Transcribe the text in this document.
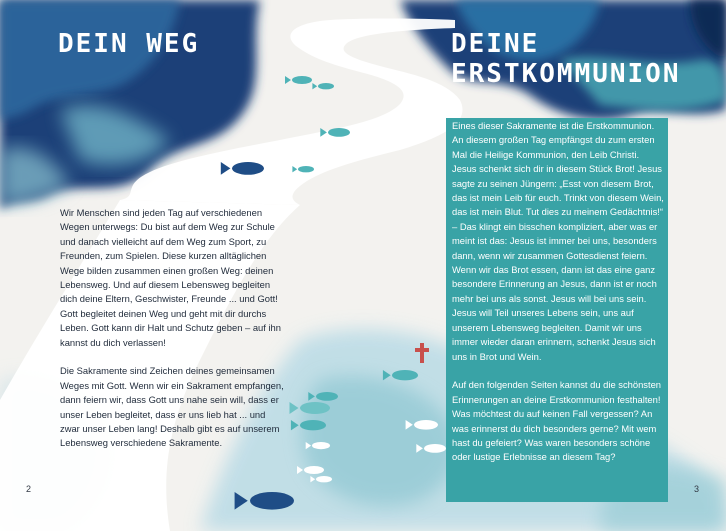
DEIN WEG

Wir Menschen sind jeden Tag auf verschiedenen Wegen unterwegs: Du bist auf dem Weg zur Schule und danach vielleicht auf dem Weg zum Sport, zu Freunden, zum Spielen. Diese kurzen alltäglichen Wege bilden zusammen einen großen Weg: deinen Lebensweg. Und auf diesem Lebensweg begleiten dich deine Eltern, Geschwister, Freunde ... und Gott! Gott begleitet deinen Weg und geht mit dir durchs Leben. Gott kann dir Halt und Schutz geben – auf ihn kannst du dich verlassen!

Die Sakramente sind Zeichen deines gemeinsamen Weges mit Gott. Wenn wir ein Sakrament empfangen, dann feiern wir, dass Gott uns nahe sein will, dass er unser Leben begleitet, dass er uns lieb hat ... und zwar unser Leben lang! Deshalb gibt es auf unserem Lebensweg verschiedene Sakramente.

2
DEINE ERSTKOMMUNION

Eines dieser Sakramente ist die Erstkommunion. An diesem großen Tag empfängst du zum ersten Mal die Heilige Kommunion, den Leib Christi. Jesus schenkt sich dir in diesem Stück Brot! Jesus sagte zu seinen Jüngern: „Esst von diesem Brot, das ist mein Leib für euch. Trinkt von diesem Wein, das ist mein Blut. Tut dies zu meinem Gedächtnis!“ – Das klingt ein bisschen kompliziert, aber was er meint ist das: Jesus ist immer bei uns, besonders dann, wenn wir zusammen Gottesdienst feiern. Wenn wir das Brot essen, dann ist das eine ganz besondere Erinnerung an Jesus, dann ist er noch mehr bei uns als sonst. Jesus will bei uns sein. Jesus will Teil unseres Lebens sein, uns auf unserem Lebensweg begleiten. Damit wir uns immer wieder daran erinnern, schenkt Jesus sich uns in Brot und Wein.

Auf den folgenden Seiten kannst du die schönsten Erinnerungen an deine Erstkommunion festhalten! Was möchtest du auf keinen Fall vergessen? An was erinnerst du dich besonders gerne? Mit wem hast du gefeiert? Was waren besonders schöne oder lustige Erlebnisse an diesem Tag?

3
